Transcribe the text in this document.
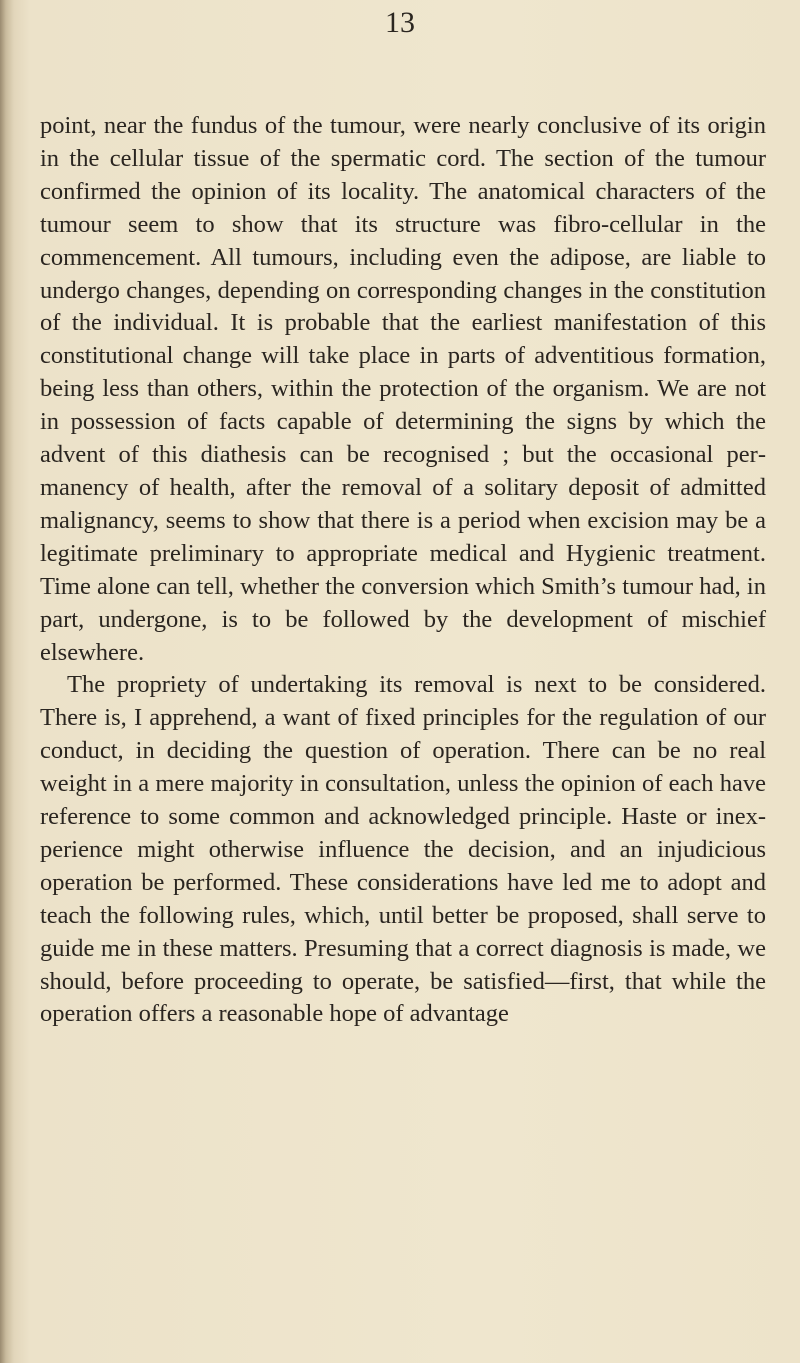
13

point, near the fundus of the tumour, were nearly conclusive of its origin in the cellular tissue of the spermatic cord. The section of the tumour confirmed the opinion of its locality. The anatomical characters of the tumour seem to show that its structure was fibro-cellular in the commencement. All tumours, including even the adipose, are liable to undergo changes, depending on corresponding changes in the constitution of the individual. It is probable that the earliest manifestation of this constitutional change will take place in parts of adventitious formation, being less than others, within the protection of the organism. We are not in possession of facts capable of determining the signs by which the advent of this diathesis can be recognised ; but the occasional permanency of health, after the removal of a solitary deposit of admitted malignancy, seems to show that there is a period when excision may be a legitimate preliminary to appropriate medical and Hygienic treatment. Time alone can tell, whether the conversion which Smith’s tumour had, in part, undergone, is to be followed by the development of mischief elsewhere.

The propriety of undertaking its removal is next to be considered. There is, I apprehend, a want of fixed principles for the regulation of our conduct, in deciding the question of operation. There can be no real weight in a mere majority in consultation, unless the opinion of each have reference to some common and acknowledged principle. Haste or inexperience might otherwise influence the decision, and an injudicious operation be performed. These considerations have led me to adopt and teach the following rules, which, until better be proposed, shall serve to guide me in these matters. Presuming that a correct diagnosis is made, we should, before proceeding to operate, be satisfied—first, that while the operation offers a reasonable hope of advantage
